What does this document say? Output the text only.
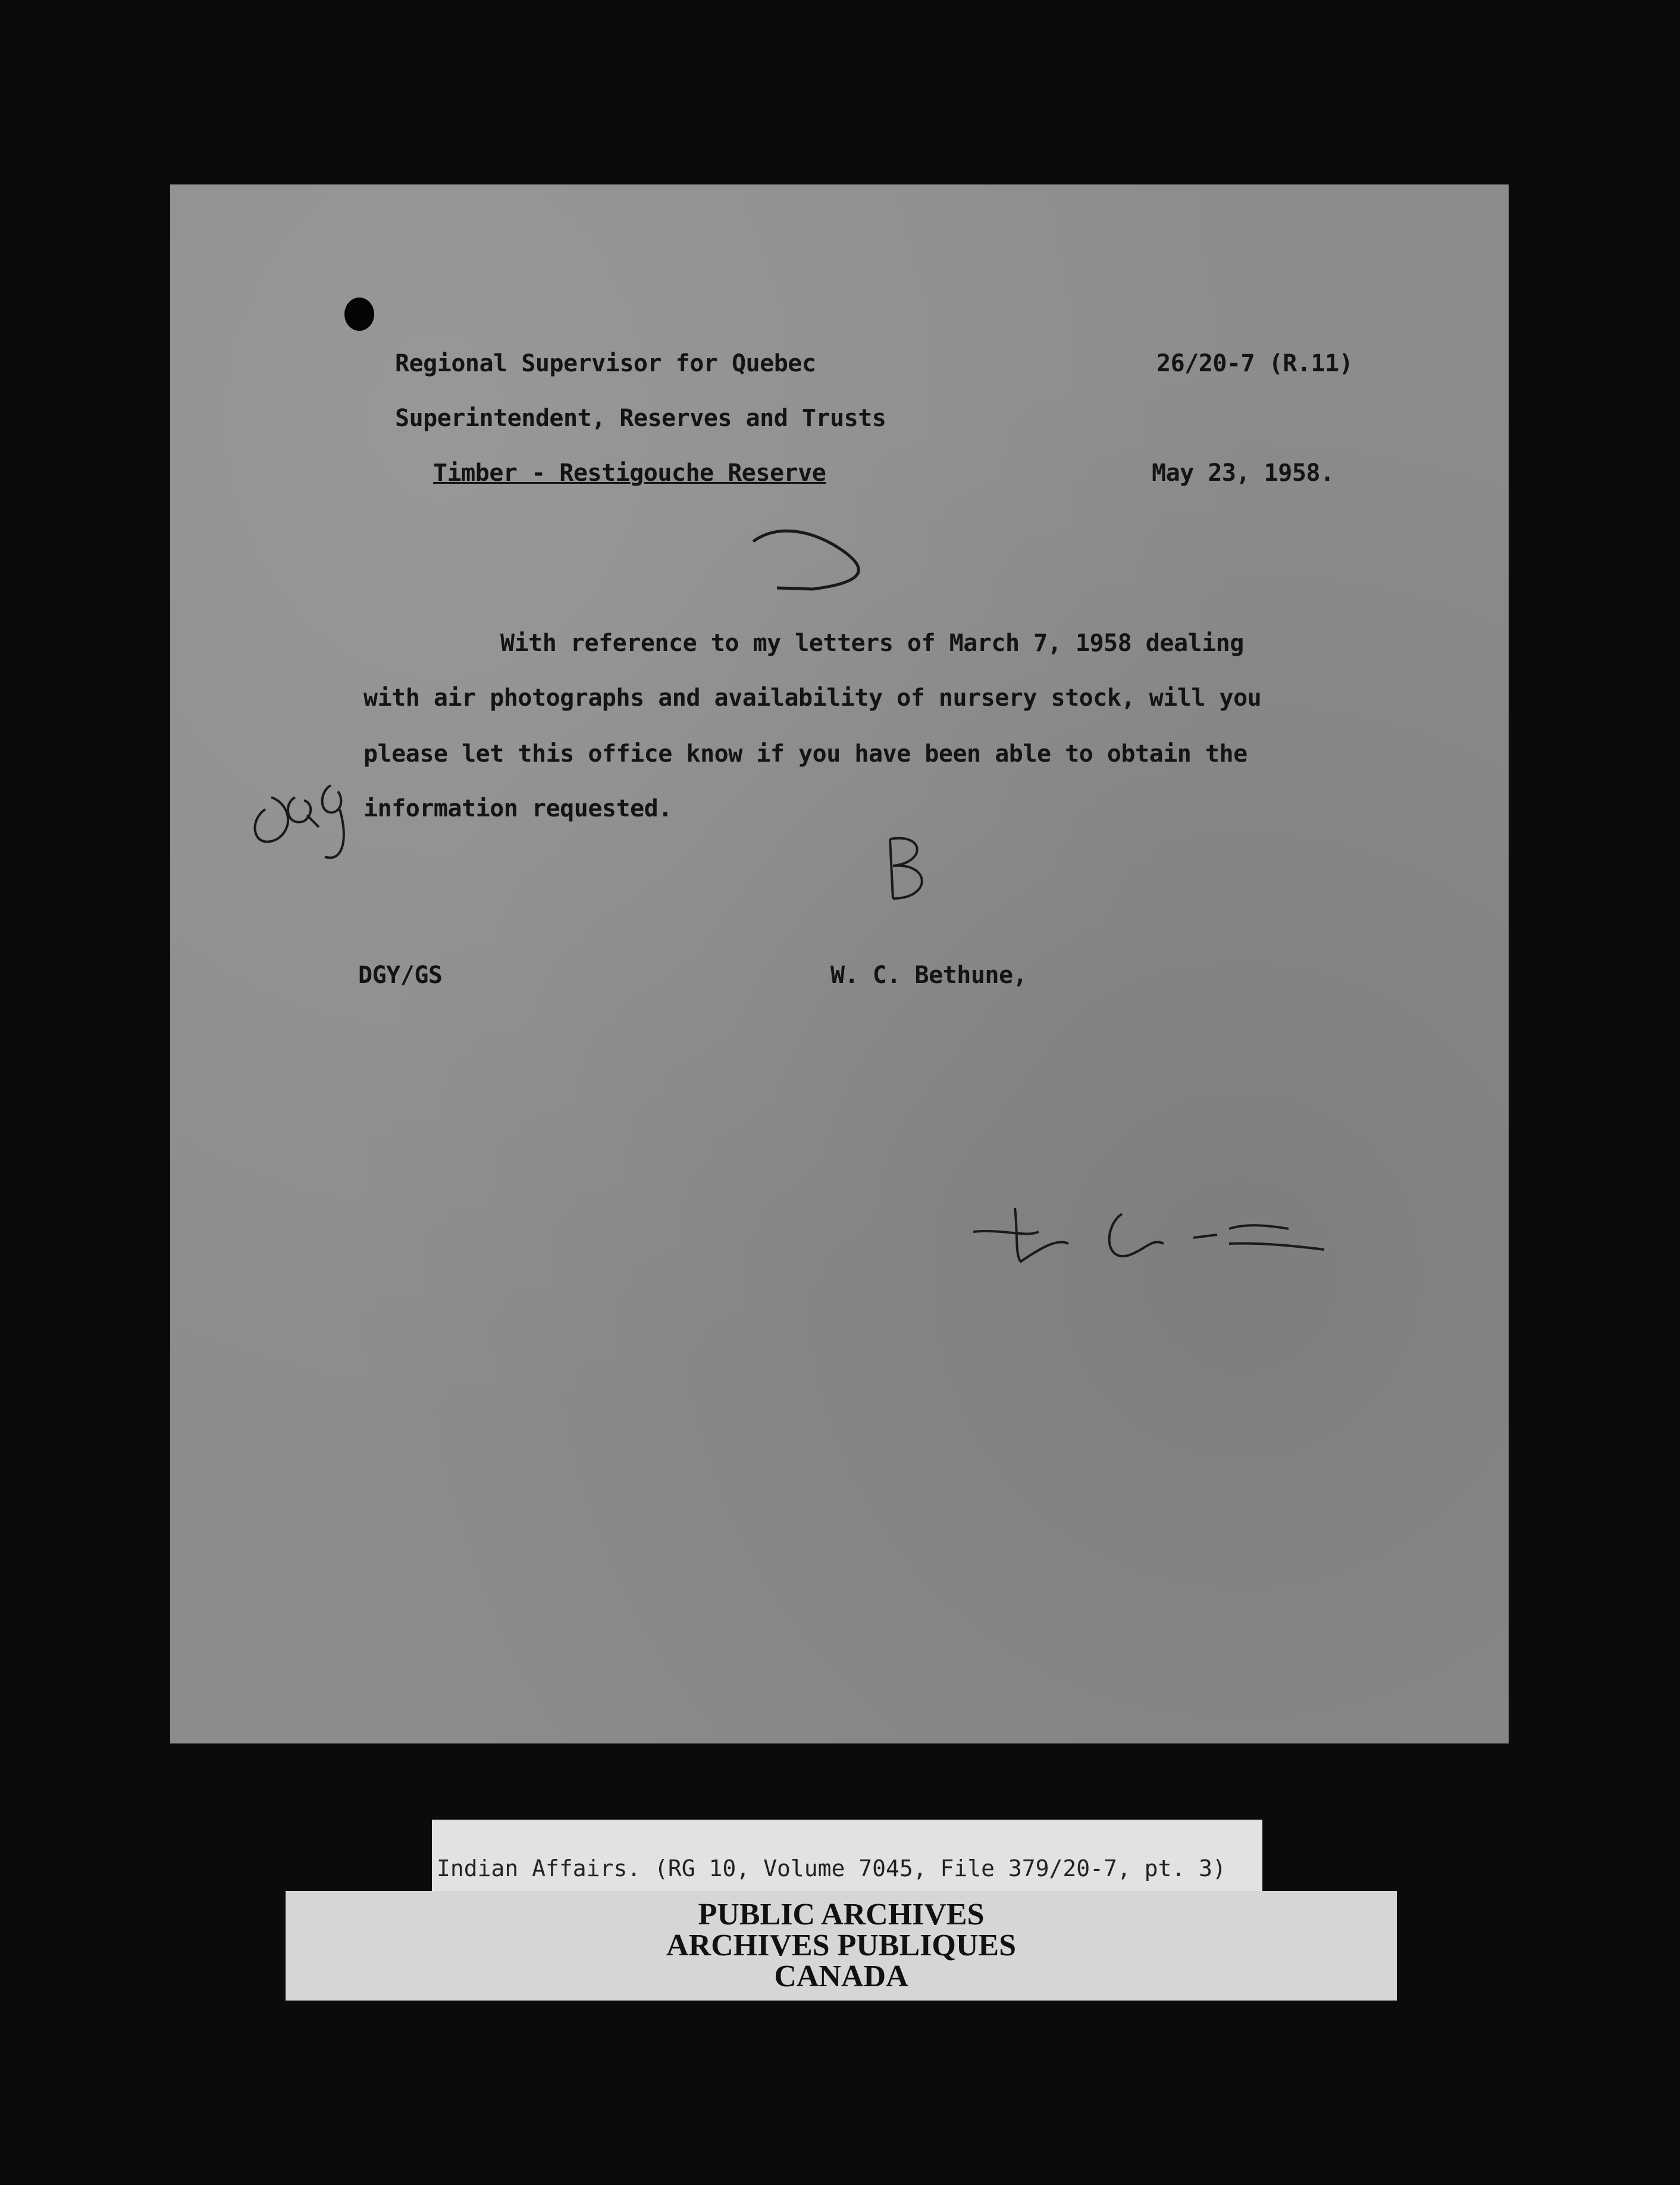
Regional Supervisor for Quebec	26/20-7 (R.11)
Superintendent, Reserves and Trusts
Timber - Restigouche Reserve	May 23, 1958.
With reference to my letters of March 7, 1958 dealing
with air photographs and availability of nursery stock, will you
please let this office know if you have been able to obtain the
information requested.
DGY/GS	W. C. Bethune,
Indian Affairs. (RG 10, Volume 7045, File 379/20-7, pt. 3)
PUBLIC ARCHIVES
ARCHIVES PUBLIQUES
CANADA
